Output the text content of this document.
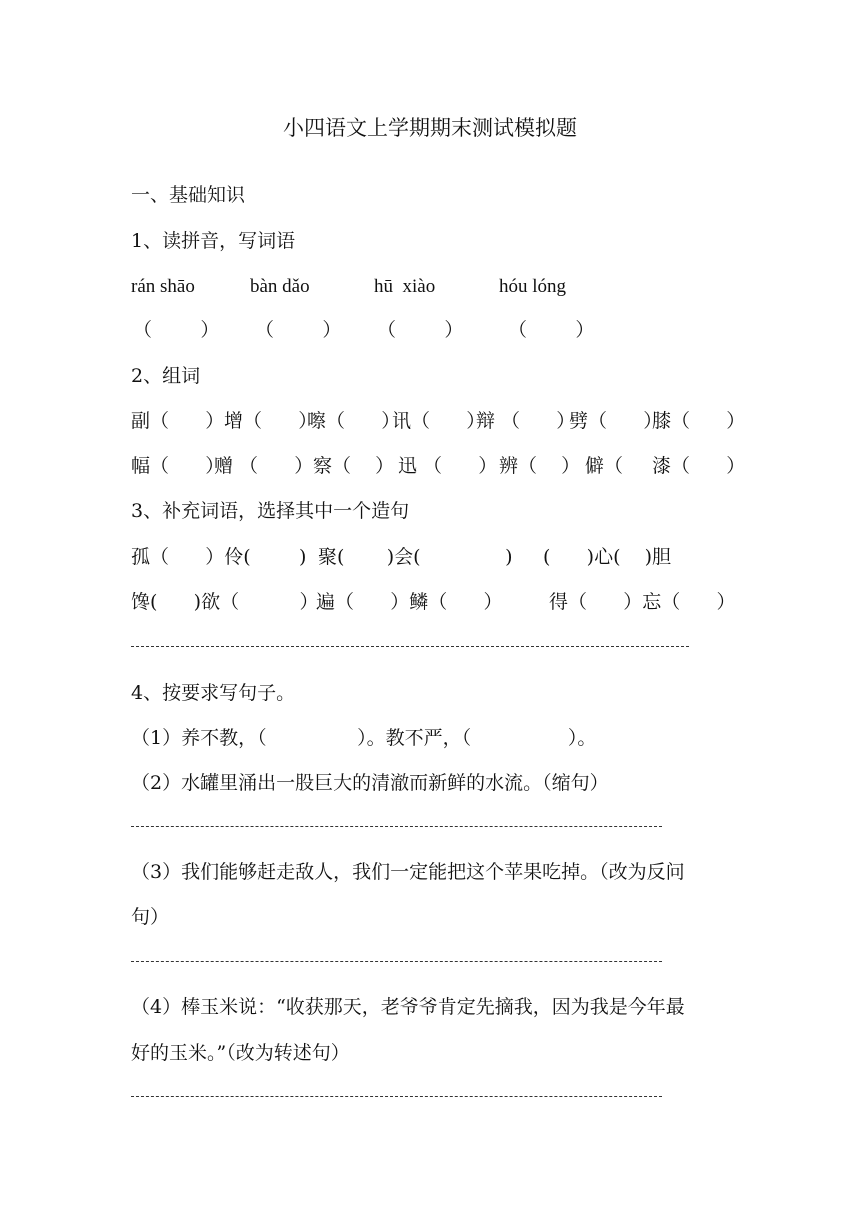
小四语文上学期期末测试模拟题
一、基础知识
1、读拼音，写词语
rán shāo	bàn dǎo	hū  xiào	hóu lóng
（        ） （        ） （        ） （        ）
2、组词
副（      ） 增（      ）
嚓（      ）
讯（      ）
辩 （      ）
劈（      ）
膝（      ）
幅（      ）
赠 （      ） 察（    ） 迅 （      ） 辨（    ） 僻（
漆（      ）
3、补充词语，选择其中一个造句
孤（      ）伶(        ) 聚(       )会(              ) (      )心(    )胆
馋(      )欲（          ）
遍（      ）鳞（      ） 得（      ）忘（      ）
4、按要求写句子。
（1）养不教，（               ）。教不严，（                ）。
（2）水罐里涌出一股巨大的清澈而新鲜的水流。（缩句）
（3）我们能够赶走敌人，我们一定能把这个苹果吃掉。（改为反问
句）
（4）棒玉米说：“收获那天，老爷爷肯定先摘我，因为我是今年最
好的玉米。”（改为转述句）
